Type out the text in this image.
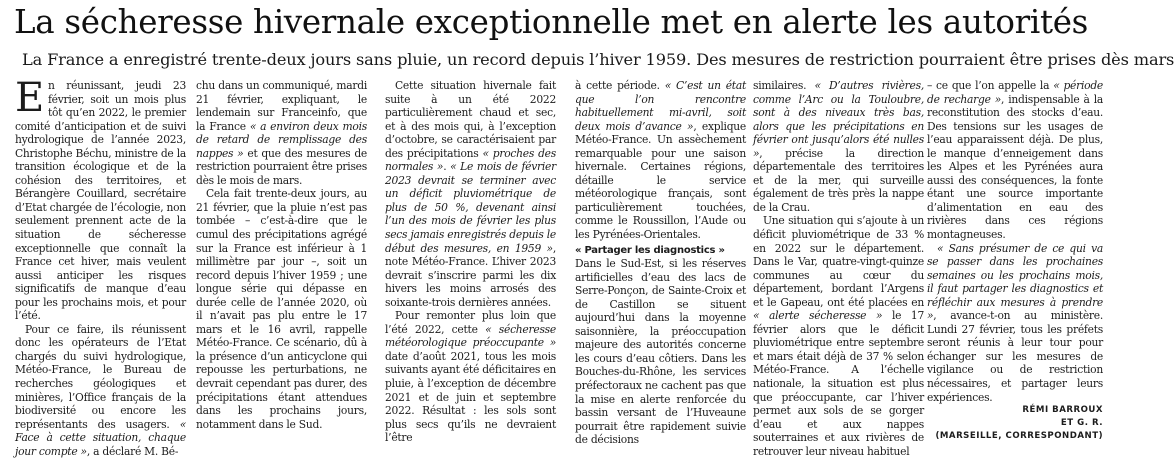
La sécheresse hivernale exceptionnelle met en alerte les autorités
La France a enregistré trente-deux jours sans pluie, un record depuis l’hiver 1959. Des mesures de restriction pourraient être prises dès mars

En réunissant, jeudi 23 février, soit un mois plus tôt qu’en 2022, le premier comité d’anticipation et de suivi hydrologique de l’année 2023, Christophe Béchu, ministre de la transition écologique et de la cohésion des territoires, et Bérangère Couillard, secrétaire d’Etat chargée de l’écologie, non seulement prennent acte de la situation de sécheresse exceptionnelle que connaît la France cet hiver, mais veulent aussi anticiper les risques significatifs de manque d’eau pour les prochains mois, et pour l’été.

Pour ce faire, ils réunissent donc les opérateurs de l’Etat chargés du suivi hydrologique, Météo-France, le Bureau de recherches géologiques et minières, l’Office français de la biodiversité ou encore les représentants des usagers. « Face à cette situation, chaque jour compte », a déclaré M. Bé-

chu dans un communiqué, mardi 21 février, expliquant, le lendemain sur Franceinfo, que la France « a environ deux mois de retard de remplissage des nappes » et que des mesures de restriction pourraient être prises dès le mois de mars.

Cela fait trente-deux jours, au 21 février, que la pluie n’est pas tombée – c’est-à-dire que le cumul des précipitations agrégé sur la France est inférieur à 1 millimètre par jour –, soit un record depuis l’hiver 1959 ; une longue série qui dépasse en durée celle de l’année 2020, où il n’avait pas plu entre le 17 mars et le 16 avril, rappelle Météo-France. Ce scénario, dû à la présence d’un anticyclone qui repousse les perturbations, ne devrait cependant pas durer, des précipitations étant attendues dans les prochains jours, notamment dans le Sud.

Cette situation hivernale fait suite à un été 2022 particulièrement chaud et sec, et à des mois qui, à l’exception d’octobre, se caractérisaient par des précipitations « proches des normales ». « Le mois de février 2023 devrait se terminer avec un déficit pluviométrique de plus de 50 %, devenant ainsi l’un des mois de février les plus secs jamais enregistrés depuis le début des mesures, en 1959 », note Météo-France. L’hiver 2023 devrait s’inscrire parmi les dix hivers les moins arrosés des soixante-trois dernières années.

Pour remonter plus loin que l’été 2022, cette « sécheresse météorologique préoccupante » date d’août 2021, tous les mois suivants ayant été déficitaires en pluie, à l’exception de décembre 2021 et de juin et septembre 2022. Résultat : les sols sont plus secs qu’ils ne devraient l’être

à cette période. « C’est un état que l’on rencontre habituellement mi-avril, soit deux mois d’avance », explique Météo-France. Un assèchement remarquable pour une saison hivernale. Certaines régions, détaille le service météorologique français, sont particulièrement touchées, comme le Roussillon, l’Aude ou les Pyrénées-Orientales.

« Partager les diagnostics »

Dans le Sud-Est, si les réserves artificielles d’eau des lacs de Serre-Ponçon, de Sainte-Croix et de Castillon se situent aujourd’hui dans la moyenne saisonnière, la préoccupation majeure des autorités concerne les cours d’eau côtiers. Dans les Bouches-du-Rhône, les services préfectoraux ne cachent pas que la mise en alerte renforcée du bassin versant de l’Huveaune pourrait être rapidement suivie de décisions

similaires. « D’autres rivières, comme l’Arc ou la Touloubre, sont à des niveaux très bas, alors que les précipitations en février ont jusqu’alors été nulles », précise la direction départementale des territoires et de la mer, qui surveille également de très près la nappe de la Crau.

Une situation qui s’ajoute à un déficit pluviométrique de 33 % en 2022 sur le département. Dans le Var, quatre-vingt-quinze communes au cœur du département, bordant l’Argens et le Gapeau, ont été placées en « alerte sécheresse » le 17 février alors que le déficit pluviométrique entre septembre et mars était déjà de 37 % selon Météo-France. A l’échelle nationale, la situation est plus que préoccupante, car l’hiver permet aux sols de se gorger d’eau et aux nappes souterraines et aux rivières de retrouver leur niveau habituel

– ce que l’on appelle la « période de recharge », indispensable à la reconstitution des stocks d’eau. Des tensions sur les usages de l’eau apparaissent déjà. De plus, le manque d’enneigement dans les Alpes et les Pyrénées aura aussi des conséquences, la fonte étant une source importante d’alimentation en eau des rivières dans ces régions montagneuses.

« Sans présumer de ce qui va se passer dans les prochaines semaines ou les prochains mois, il faut partager les diagnostics et réfléchir aux mesures à prendre », avance-t-on au ministère. Lundi 27 février, tous les préfets seront réunis à leur tour pour échanger sur les mesures de vigilance ou de restriction nécessaires, et partager leurs expériences.

RÉMI BARROUX
ET G. R.
(MARSEILLE, CORRESPONDANT)
